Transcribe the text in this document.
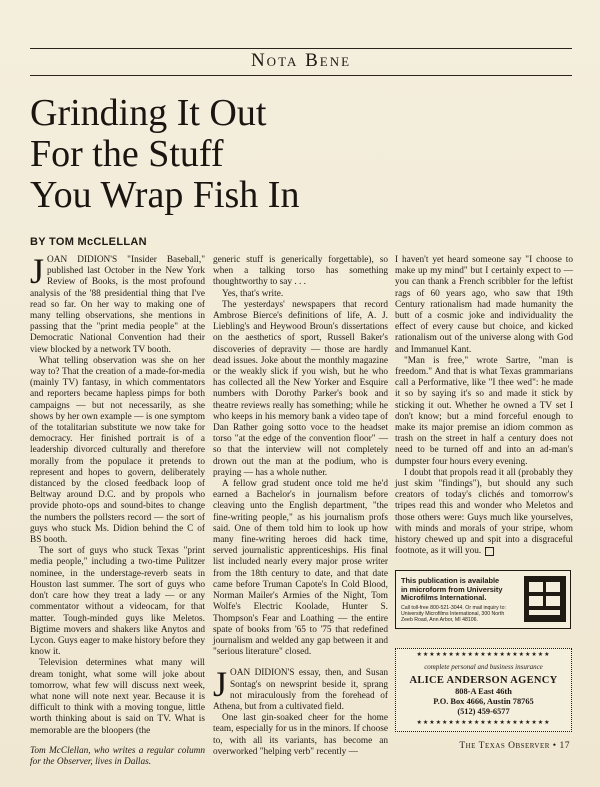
Nota Bene
Grinding It Out
For the Stuff
You Wrap Fish In
BY TOM McCLELLAN

JOAN DIDION'S "Insider Baseball," published last October in the New York Review of Books, is the most profound analysis of the '88 presidential thing that I've read so far. On her way to making one of many telling observations, she mentions in passing that the "print media people" at the Democratic National Convention had their view blocked by a network TV booth.

What telling observation was she on her way to? That the creation of a made-for-media (mainly TV) fantasy, in which commentators and reporters became hapless pimps for both campaigns — but not necessarily, as she shows by her own example — is one symptom of the totalitarian substitute we now take for democracy. Her finished portrait is of a leadership divorced culturally and therefore morally from the populace it pretends to represent and hopes to govern, deliberately distanced by the closed feedback loop of Beltway around D.C. and by propols who provide photo-ops and sound-bites to change the numbers the pollsters record — the sort of guys who stuck Ms. Didion behind the C of BS booth.

The sort of guys who stuck Texas "print media people," including a two-time Pulitzer nominee, in the understage-reverb seats in Houston last summer. The sort of guys who don't care how they treat a lady — or any commentator without a videocam, for that matter. Tough-minded guys like Meletos. Bigtime movers and shakers like Anytos and Lycon. Guys eager to make history before they know it.

Television determines what many will dream tonight, what some will joke about tomorrow, what few will discuss next week, what none will note next year. Because it is difficult to think with a moving tongue, little worth thinking about is said on TV. What is memorable are the bloopers (the

Tom McClellan, who writes a regular column for the Observer, lives in Dallas.

generic stuff is generically forgettable), so when a talking torso has something thoughtworthy to say . . .

Yes, that's write.

The yesterdays' newspapers that record Ambrose Bierce's definitions of life, A. J. Liebling's and Heywood Broun's dissertations on the aesthetics of sport, Russell Baker's discoveries of depravity — those are hardly dead issues. Joke about the monthly magazine or the weakly slick if you wish, but he who has collected all the New Yorker and Esquire numbers with Dorothy Parker's book and theatre reviews really has something; while he who keeps in his memory bank a video tape of Dan Rather going sotto voce to the headset torso "at the edge of the convention floor" — so that the interview will not completely drown out the man at the podium, who is praying — has a whole nuther.

A fellow grad student once told me he'd earned a Bachelor's in journalism before cleaving unto the English department, "the fine-writing people," as his journalism profs said. One of them told him to look up how many fine-writing heroes did hack time, served journalistic apprenticeships. His final list included nearly every major prose writer from the 18th century to date, and that date came before Truman Capote's In Cold Blood, Norman Mailer's Armies of the Night, Tom Wolfe's Electric Koolade, Hunter S. Thompson's Fear and Loathing — the entire spate of books from '65 to '75 that redefined journalism and welded any gap between it and "serious literature" closed.

JOAN DIDION'S essay, then, and Susan Sontag's on newsprint beside it, sprang not miraculously from the forehead of Athena, but from a cultivated field.

One last gin-soaked cheer for the home team, especially for us in the minors. If choose to, with all its variants, has become an overworked "helping verb" recently —

I haven't yet heard someone say "I choose to make up my mind" but I certainly expect to — you can thank a French scribbler for the leftist rags of 60 years ago, who saw that 19th Century rationalism had made humanity the butt of a cosmic joke and individuality the effect of every cause but choice, and kicked rationalism out of the universe along with God and Immanuel Kant.

"Man is free," wrote Sartre, "man is freedom." And that is what Texas grammarians call a Performative, like "I thee wed": he made it so by saying it's so and made it stick by sticking it out. Whether he owned a TV set I don't know; but a mind forceful enough to make its major premise an idiom common as trash on the street in half a century does not need to be turned off and into an ad-man's dumpster four hours every evening.

I doubt that propols read it all (probably they just skim "findings"), but should any such creators of today's clichés and tomorrow's tripes read this and wonder who Meletos and those others were: Guys much like yourselves, with minds and morals of your stripe, whom history chewed up and spit into a disgraceful footnote, as it will you.

This publication is available
in microform from University
Microfilms International.
Call toll-free 800-521-3044. Or mail inquiry to:
University Microfilms International, 300 North
Zeeb Road, Ann Arbor, MI 48106.
★★★★★★★★★★★★★★★★★★★★★
complete personal and business insurance
ALICE ANDERSON AGENCY
808-A East 46th
P.O. Box 4666, Austin 78765
(512) 459-6577
★★★★★★★★★★★★★★★★★★★★★
The Texas Observer • 17
